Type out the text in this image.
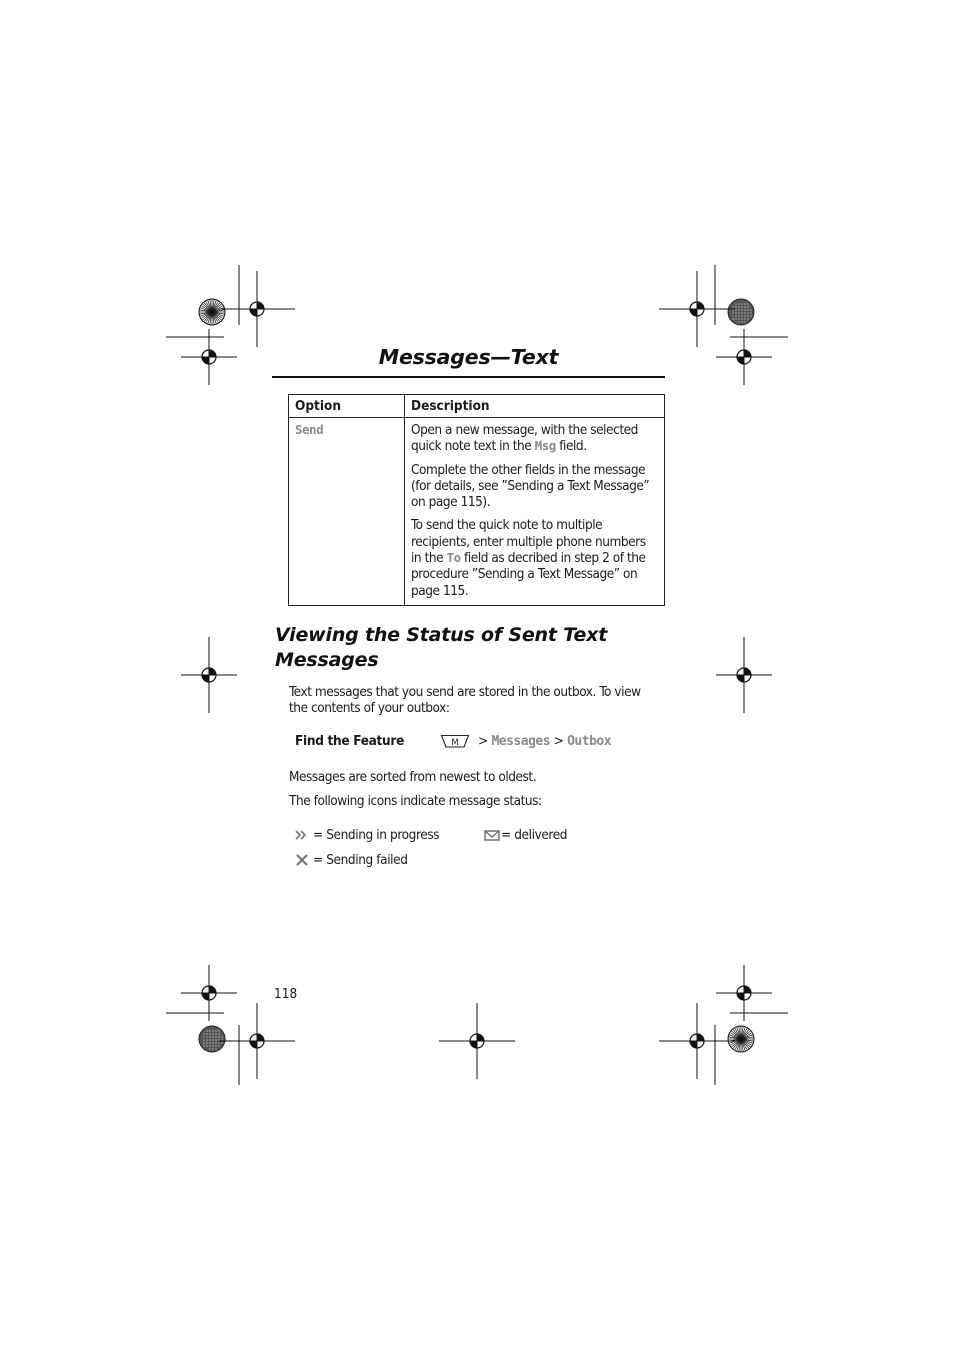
Messages—Text
Option	Description
Send	Open a new message, with the selected quick note text in the Msg field.
Complete the other fields in the message (for details, see ”Sending a Text Message” on page 115).
To send the quick note to multiple recipients, enter multiple phone numbers in the To field as decribed in step 2 of the procedure ”Sending a Text Message” on page 115.
Viewing the Status of Sent Text Messages
Text messages that you send are stored in the outbox. To view the contents of your outbox:
Find the Feature	M > Messages > Outbox
Messages are sorted from newest to oldest.
The following icons indicate message status:
= Sending in progress	= delivered
= Sending failed
118
